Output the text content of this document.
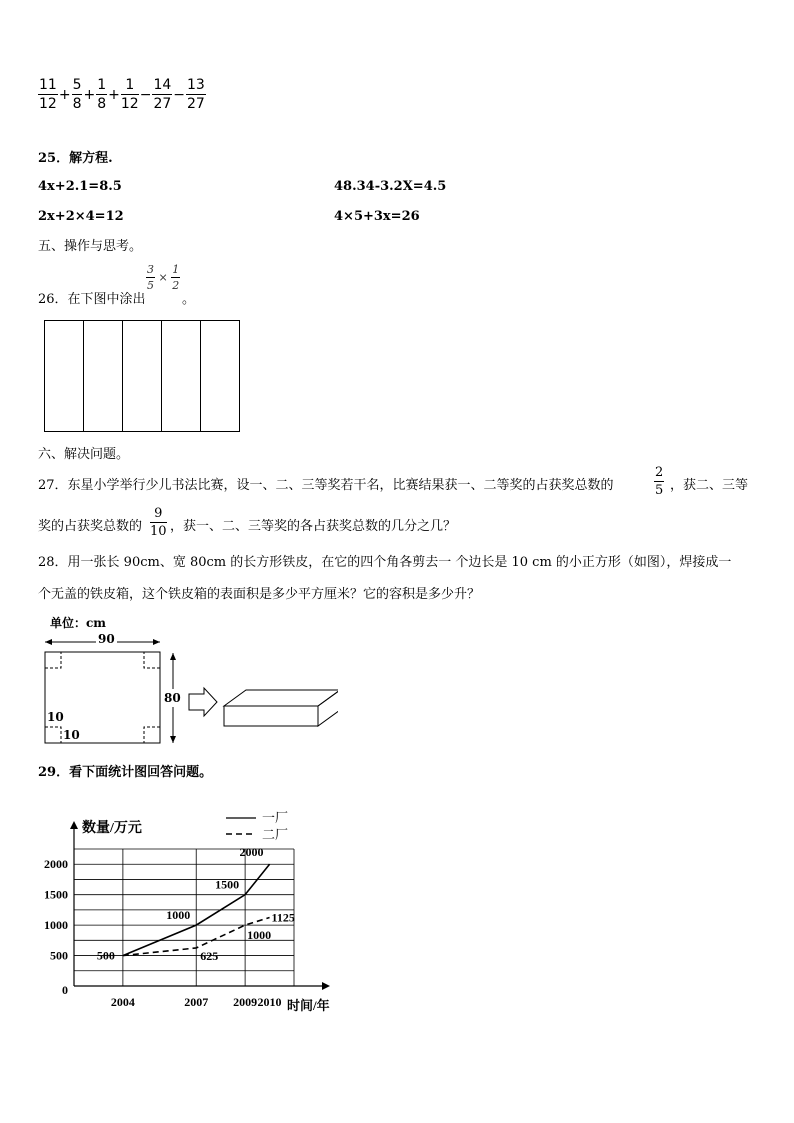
$\frac{11}{12} + \frac{5}{8} + \frac{1}{8} + \frac{1}{12} - \frac{14}{27} - \frac{13}{27}$
25．解方程.
4x+2.1=8.5	48.34-3.2X=4.5
2x+2×4=12	4×5+3x=26
五、操作与思考。
26．在下图中涂出
$\frac{3}{5} \times \frac{1}{2}$
。
六、解决问题。
27．东星小学举行少儿书法比赛，设一、二、三等奖若干名，比赛结果获一、二等奖的占获奖总数的	$\frac{2}{5}$ ，获二、三等
奖的占获奖总数的 $\frac{9}{10}$ ，获一、二、三等奖的各占获奖总数的几分之几？
28．用一张长 90cm、宽 80cm 的长方形铁皮，在它的四个角各剪去一 个边长是 10 cm 的小正方形（如图），焊接成一
个无盖的铁皮箱，这个铁皮箱的表面积是多少平方厘米？它的容积是多少升？
单位：cm
90
80
10
10
29．看下面统计图回答问题。
数量/万元
时间/年
0
500
1000
1500
2000
2004	2007 2009 2010
一厂
二厂
500
1000
1500
2000
625
1000
1125
